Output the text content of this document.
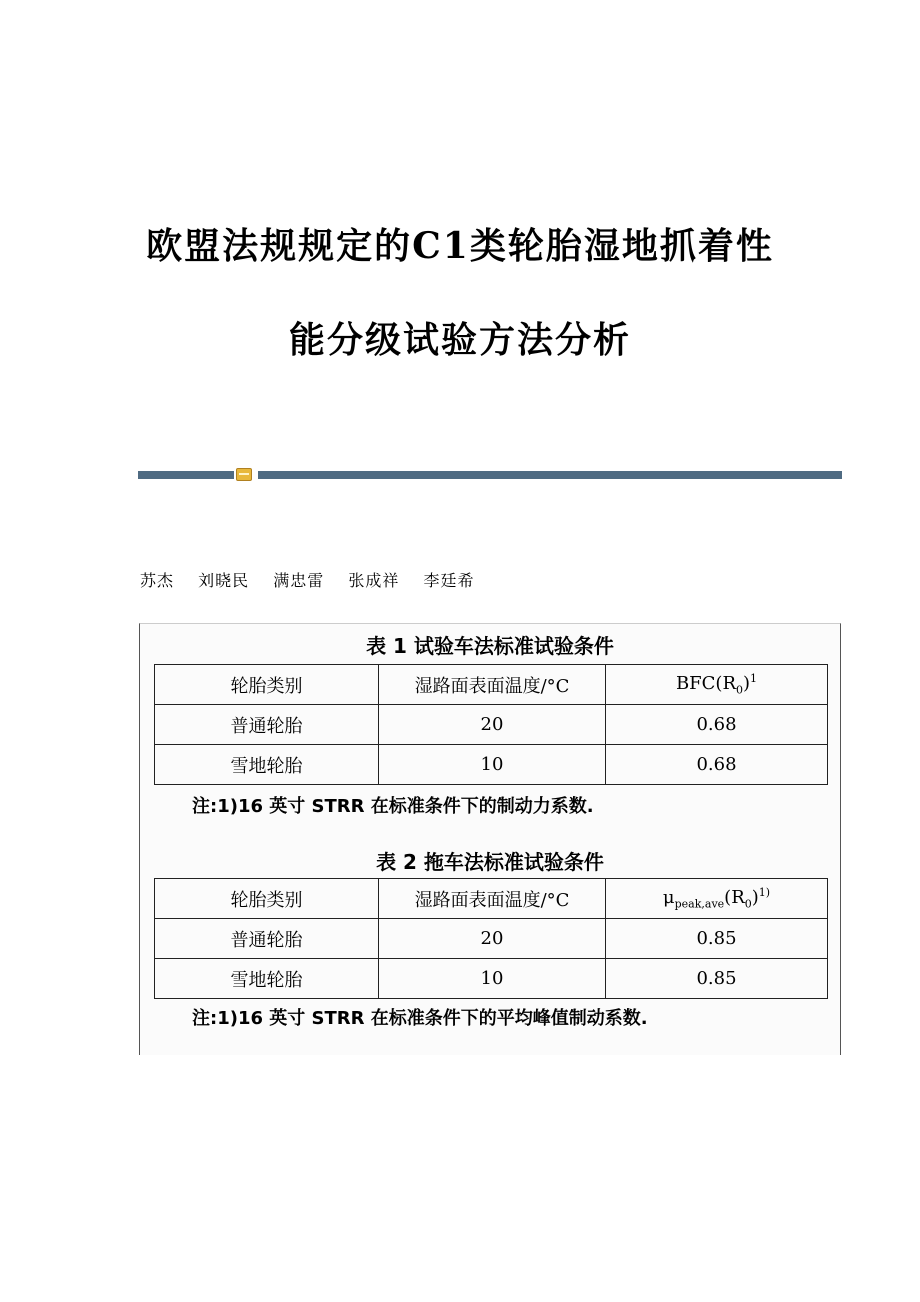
欧盟法规规定的C1类轮胎湿地抓着性
能分级试验方法分析
苏杰 刘晓民 满忠雷 张成祥 李廷希
表 1 试验车法标准试验条件
轮胎类别	湿路面表面温度/°C	$BFC(R_0)^1$
普通轮胎	20	0.68
雪地轮胎	10	0.68
注:1)16 英寸 STRR 在标准条件下的制动力系数.
表 2 拖车法标准试验条件
轮胎类别	湿路面表面温度/°C	$\mu_{peak,ave}(R_0)^{1)}$
普通轮胎	20	0.85
雪地轮胎	10	0.85
注:1)16 英寸 STRR 在标准条件下的平均峰值制动系数.
